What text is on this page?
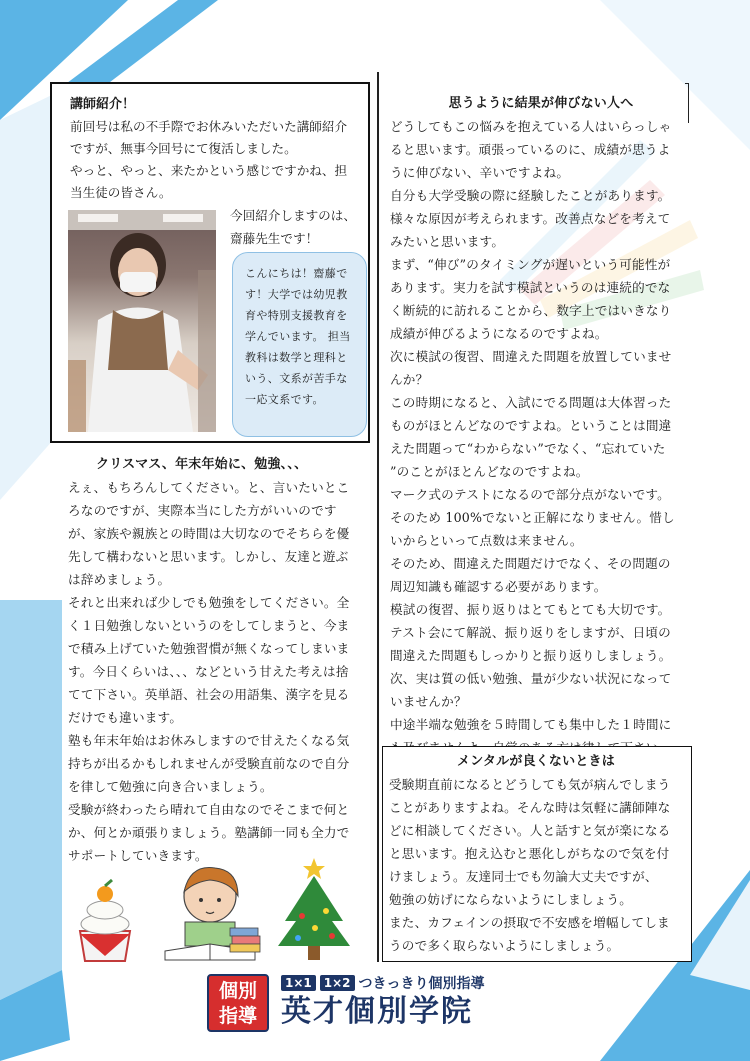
講師紹介！

前回号は私の不手際でお休みいただいた講師紹介ですが、無事今回号にて復活しました。

やっと、やっと、来たかという感じですかね、担当生徒の皆さん。

今回紹介しますのは、

齋藤先生です！

こんにちは！齋藤で

す！大学では幼児教

育や特別支援教育を

学んでいます。 担当

教科は数学と理科と

いう、文系が苦手な

一応文系です。

クリスマス、年末年始に、勉強、、、

えぇ、もちろんしてください。と、言いたいとこ

ろなのですが、実際本当にした方がいいのです

が、家族や親族との時間は大切なのでそちらを優

先して構わないと思います。しかし、友達と遊ぶ

は辞めましょう。

それと出来れば少しでも勉強をしてください。全

く１日勉強しないというのをしてしまうと、今ま

で積み上げていた勉強習慣が無くなってしまいま

す。今日くらいは、、、などという甘えた考えは捨

てて下さい。英単語、社会の用語集、漢字を見る

だけでも違います。

塾も年末年始はお休みしますので甘えたくなる気

持ちが出るかもしれませんが受験直前なので自分

を律して勉強に向き合いましょう。

受験が終わったら晴れて自由なのでそこまで何と

か、何とか頑張りましょう。塾講師一同も全力で

サポートしていきます。

思うように結果が伸びない人へ

どうしてもこの悩みを抱えている人はいらっしゃ

ると思います。頑張っているのに、成績が思うよ

うに伸びない、辛いですよね。

自分も大学受験の際に経験したことがあります。

様々な原因が考えられます。改善点などを考えて

みたいと思います。

まず、“伸び”のタイミングが遅いという可能性が

あります。実力を試す模試というのは連続的でな

く断続的に訪れることから、数字上ではいきなり

成績が伸びるようになるのですよね。

次に模試の復習、間違えた問題を放置していませ

んか？

この時期になると、入試にでる問題は大体習った

ものがほとんどなのですよね。ということは間違

えた問題って“わからない”でなく、“忘れていた

”のことがほとんどなのですよね。

マーク式のテストになるので部分点がないです。

そのため 100%でないと正解になりません。惜し

いからといって点数は来ません。

そのため、間違えた問題だけでなく、その問題の

周辺知識も確認する必要があります。

模試の復習、振り返りはとてもとても大切です。

テスト会にて解説、振り返りをしますが、日頃の

間違えた問題もしっかりと振り返りしましょう。

次、実は質の低い勉強、量が少ない状況になって

いませんか？

中途半端な勉強を５時間しても集中した１時間に

メンタルが良くないときは

受験期直前になるとどうしても気が病んでしまう

ことがありますよね。そんな時は気軽に講師陣な

どに相談してください。人と話すと気が楽になる

と思います。抱え込むと悪化しがちなので気を付

けましょう。友達同士でも勿論大丈夫ですが、

勉強の妨げにならないようにしましょう。

また、カフェインの摂取で不安感を増幅してしま

うので多く取らないようにしましょう。

個別
指導
1×1	1×2 つきっきり個別指導
英才個別学院
